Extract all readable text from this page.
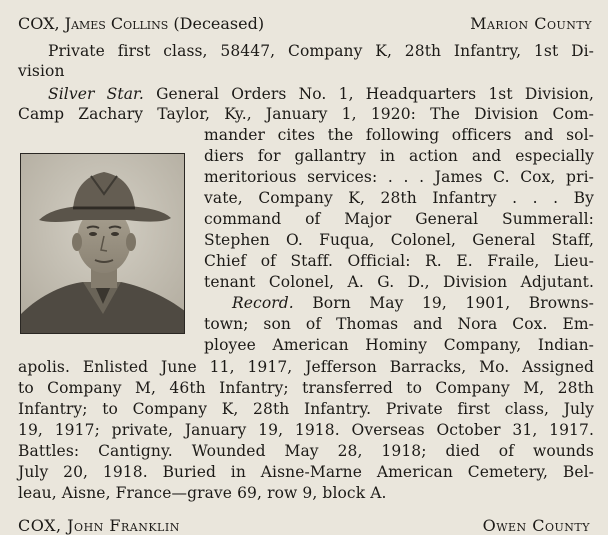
COX, James Collins (Deceased)	Marion County
Private first class, 58447, Company K, 28th Infantry, 1st Di-
vision
Silver Star. General Orders No. 1, Headquarters 1st Division,
Camp Zachary Taylor, Ky., January 1, 1920: The Division Com-
mander cites the following officers and sol-
diers for gallantry in action and especially
meritorious services: . . . James C. Cox, pri-
vate, Company K, 28th Infantry . . . By
command of Major General Summerall:
Stephen O. Fuqua, Colonel, General Staff,
Chief of Staff. Official: R. E. Fraile, Lieu-
tenant Colonel, A. G. D., Division Adjutant.
Record. Born May 19, 1901, Browns-
town; son of Thomas and Nora Cox. Em-
ployee American Hominy Company, Indian-
apolis. Enlisted June 11, 1917, Jefferson Barracks, Mo. Assigned
to Company M, 46th Infantry; transferred to Company M, 28th
Infantry; to Company K, 28th Infantry. Private first class, July
19, 1917; private, January 19, 1918. Overseas October 31, 1917.
Battles: Cantigny. Wounded May 28, 1918; died of wounds
July 20, 1918. Buried in Aisne-Marne American Cemetery, Bel-
leau, Aisne, France—grave 69, row 9, block A.
COX, John Franklin	Owen County
